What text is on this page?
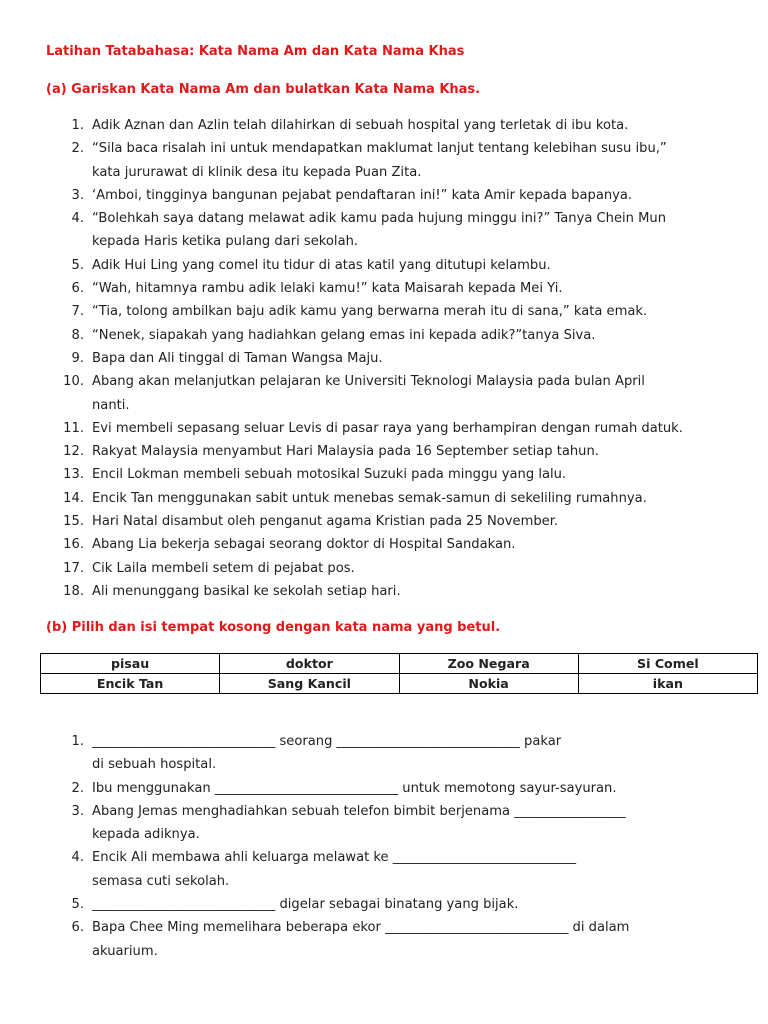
Latihan Tatabahasa: Kata Nama Am dan Kata Nama Khas
(a) Gariskan Kata Nama Am dan bulatkan Kata Nama Khas.
1. Adik Aznan dan Azlin telah dilahirkan di sebuah hospital yang terletak di ibu kota.
2. “Sila baca risalah ini untuk mendapatkan maklumat lanjut tentang kelebihan susu ibu,”
kata jururawat di klinik desa itu kepada Puan Zita.
3. ‘Amboi, tingginya bangunan pejabat pendaftaran ini!” kata Amir kepada bapanya.
4. “Bolehkah saya datang melawat adik kamu pada hujung minggu ini?” Tanya Chein Mun
kepada Haris ketika pulang dari sekolah.
5. Adik Hui Ling yang comel itu tidur di atas katil yang ditutupi kelambu.
6. “Wah, hitamnya rambu adik lelaki kamu!” kata Maisarah kepada Mei Yi.
7. “Tia, tolong ambilkan baju adik kamu yang berwarna merah itu di sana,” kata emak.
8. “Nenek, siapakah yang hadiahkan gelang emas ini kepada adik?”tanya Siva.
9. Bapa dan Ali tinggal di Taman Wangsa Maju.
10. Abang akan melanjutkan pelajaran ke Universiti Teknologi Malaysia pada bulan April
nanti.
11. Evi membeli sepasang seluar Levis di pasar raya yang berhampiran dengan rumah datuk.
12. Rakyat Malaysia menyambut Hari Malaysia pada 16 September setiap tahun.
13. Encil Lokman membeli sebuah motosikal Suzuki pada minggu yang lalu.
14. Encik Tan menggunakan sabit untuk menebas semak-samun di sekeliling rumahnya.
15. Hari Natal disambut oleh penganut agama Kristian pada 25 November.
16. Abang Lia bekerja sebagai seorang doktor di Hospital Sandakan.
17. Cik Laila membeli setem di pejabat pos.
18. Ali menunggang basikal ke sekolah setiap hari.
(b) Pilih dan isi tempat kosong dengan kata nama yang betul.
pisau	doktor	Zoo Negara	Si Comel
Encik Tan	Sang Kancil	Nokia	ikan
1. ____________________________ seorang ____________________________ pakar
di sebuah hospital.
2. Ibu menggunakan ____________________________ untuk memotong sayur-sayuran.
3. Abang Jemas menghadiahkan sebuah telefon bimbit berjenama _________________
kepada adiknya.
4. Encik Ali membawa ahli keluarga melawat ke ____________________________
semasa cuti sekolah.
5. ____________________________ digelar sebagai binatang yang bijak.
6. Bapa Chee Ming memelihara beberapa ekor ____________________________ di dalam
akuarium.
